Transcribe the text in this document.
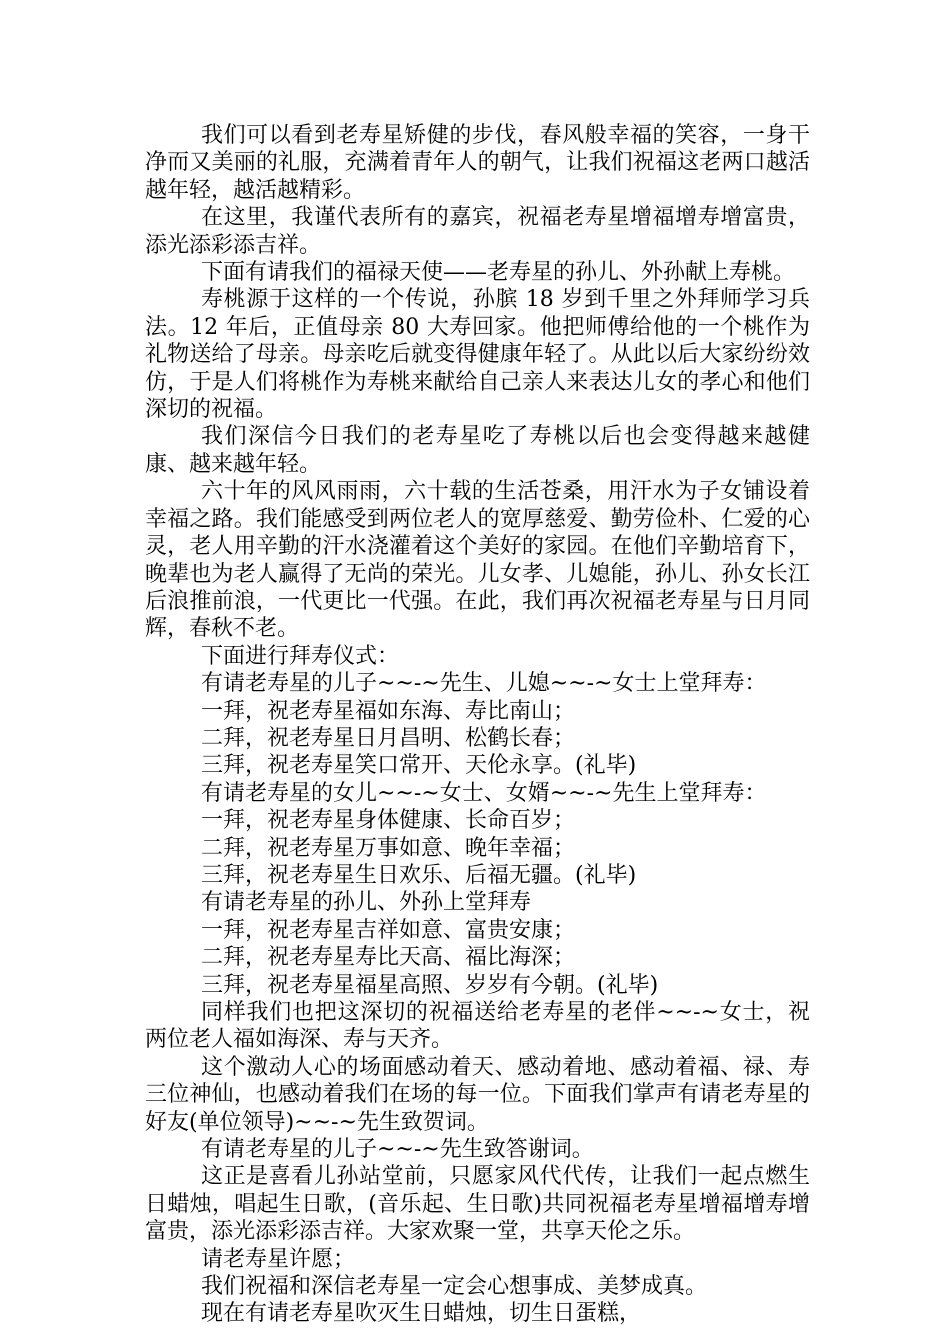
我们可以看到老寿星矫健的步伐，春风般幸福的笑容，一身干净而又美丽的礼服，充满着青年人的朝气，让我们祝福这老两口越活越年轻，越活越精彩。

在这里，我谨代表所有的嘉宾，祝福老寿星增福增寿增富贵，添光添彩添吉祥。

下面有请我们的福禄天使——老寿星的孙儿、外孙献上寿桃。

寿桃源于这样的一个传说，孙膑 18 岁到千里之外拜师学习兵法。12 年后，正值母亲 80 大寿回家。他把师傅给他的一个桃作为礼物送给了母亲。母亲吃后就变得健康年轻了。从此以后大家纷纷效仿，于是人们将桃作为寿桃来献给自己亲人来表达儿女的孝心和他们深切的祝福。

我们深信今日我们的老寿星吃了寿桃以后也会变得越来越健康、越来越年轻。

六十年的风风雨雨，六十载的生活苍桑，用汗水为子女铺设着幸福之路。我们能感受到两位老人的宽厚慈爱、勤劳俭朴、仁爱的心灵，老人用辛勤的汗水浇灌着这个美好的家园。在他们辛勤培育下，晚辈也为老人赢得了无尚的荣光。儿女孝、儿媳能，孙儿、孙女长江后浪推前浪，一代更比一代强。在此，我们再次祝福老寿星与日月同辉，春秋不老。

下面进行拜寿仪式：

有请老寿星的儿子~~-~先生、儿媳~~-~女士上堂拜寿：

一拜，祝老寿星福如东海、寿比南山；

二拜，祝老寿星日月昌明、松鹤长春；

三拜，祝老寿星笑口常开、天伦永享。(礼毕)

有请老寿星的女儿~~-~女士、女婿~~-~先生上堂拜寿：

一拜，祝老寿星身体健康、长命百岁；

二拜，祝老寿星万事如意、晚年幸福；

三拜，祝老寿星生日欢乐、后福无疆。(礼毕)

有请老寿星的孙儿、外孙上堂拜寿

一拜，祝老寿星吉祥如意、富贵安康；

二拜，祝老寿星寿比天高、福比海深；

三拜，祝老寿星福星高照、岁岁有今朝。(礼毕)

同样我们也把这深切的祝福送给老寿星的老伴~~-~女士，祝两位老人福如海深、寿与天齐。

这个激动人心的场面感动着天、感动着地、感动着福、禄、寿三位神仙，也感动着我们在场的每一位。下面我们掌声有请老寿星的好友(单位领导)~~-~先生致贺词。

有请老寿星的儿子~~-~先生致答谢词。

这正是喜看儿孙站堂前，只愿家风代代传，让我们一起点燃生日蜡烛，唱起生日歌，(音乐起、生日歌)共同祝福老寿星增福增寿增富贵，添光添彩添吉祥。大家欢聚一堂，共享天伦之乐。

请老寿星许愿；

我们祝福和深信老寿星一定会心想事成、美梦成真。

现在有请老寿星吹灭生日蜡烛，切生日蛋糕，
